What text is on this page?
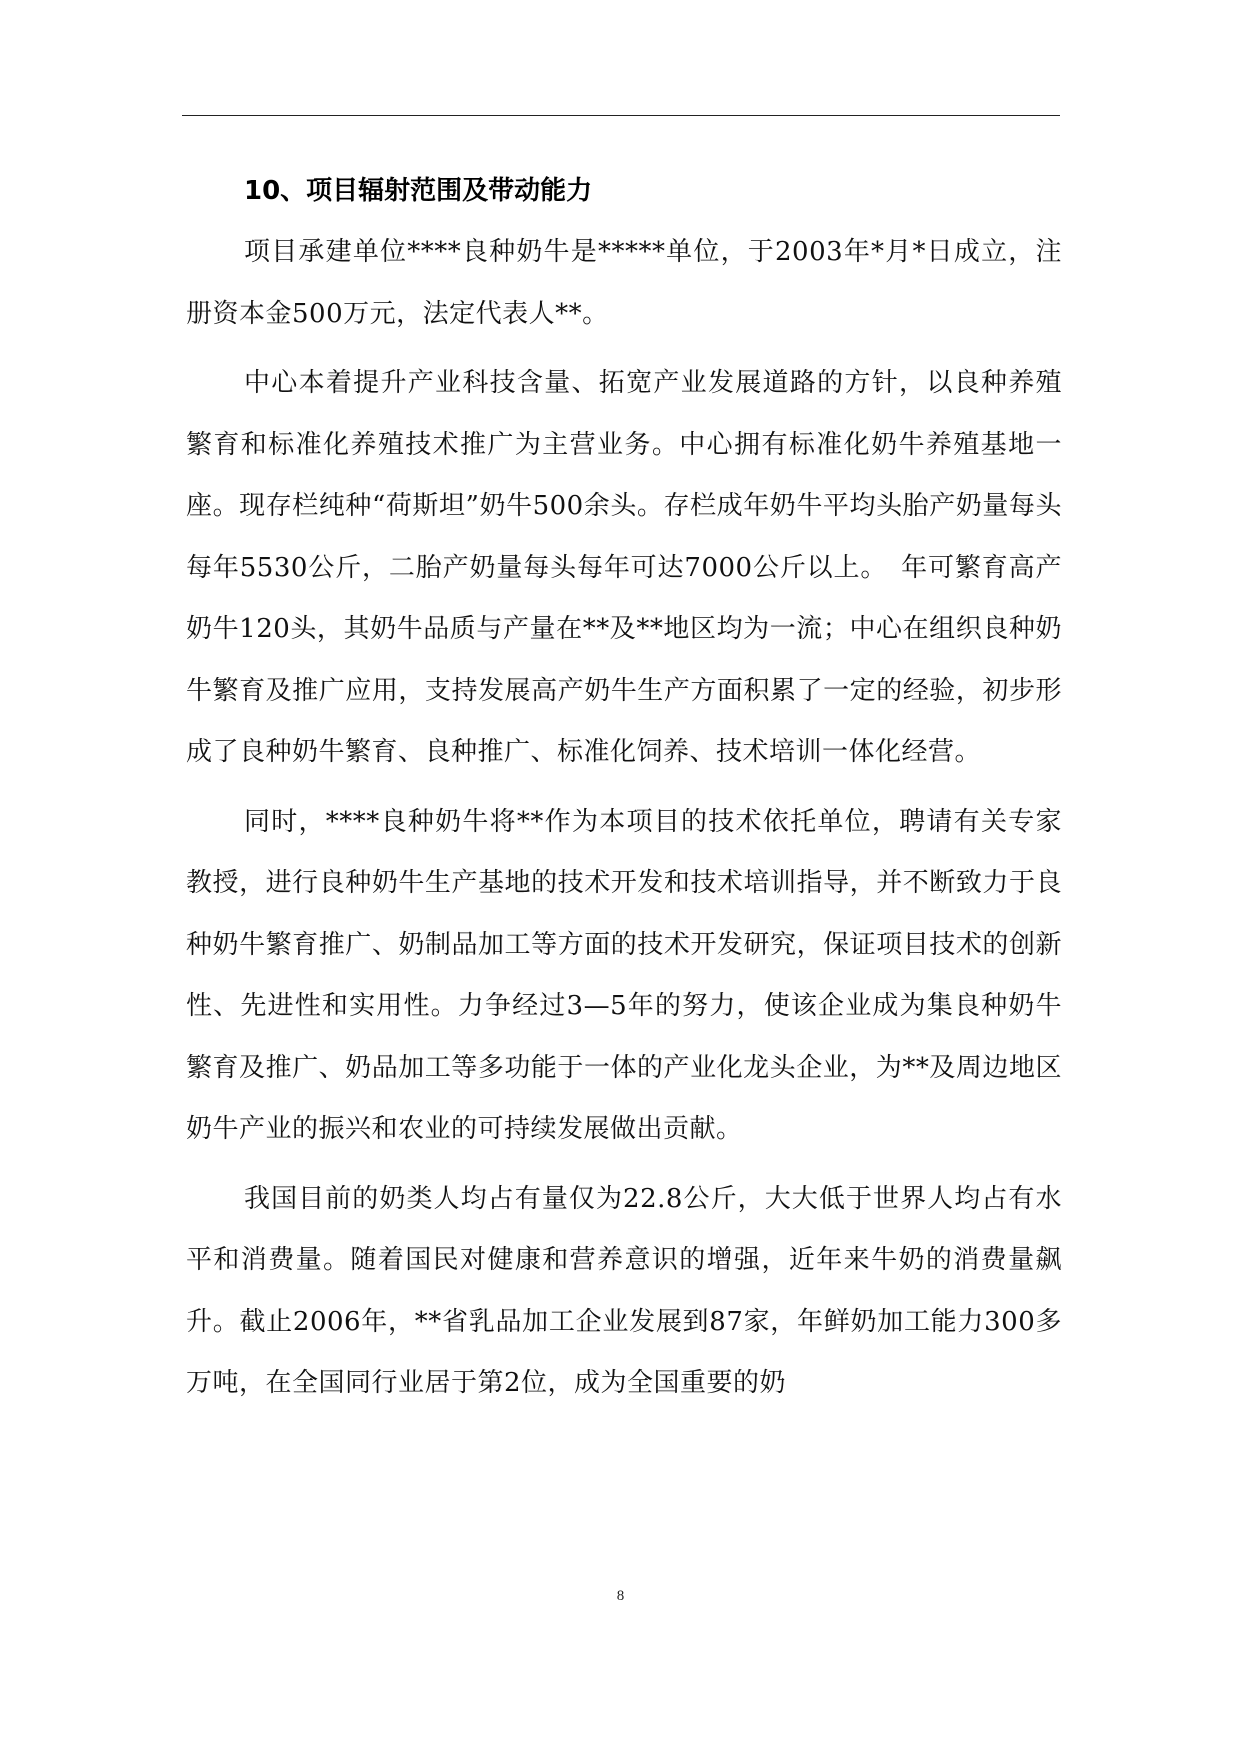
10、项目辐射范围及带动能力

项目承建单位****良种奶牛是*****单位，于2003年*月*日成立，注册资本金500万元，法定代表人**。

中心本着提升产业科技含量、拓宽产业发展道路的方针，以良种养殖繁育和标准化养殖技术推广为主营业务。中心拥有标准化奶牛养殖基地一座。现存栏纯种“荷斯坦”奶牛500余头。存栏成年奶牛平均头胎产奶量每头每年5530公斤，二胎产奶量每头每年可达7000公斤以上。　年可繁育高产奶牛120头，其奶牛品质与产量在**及**地区均为一流；中心在组织良种奶牛繁育及推广应用，支持发展高产奶牛生产方面积累了一定的经验，初步形成了良种奶牛繁育、良种推广、标准化饲养、技术培训一体化经营。

同时，****良种奶牛将**作为本项目的技术依托单位，聘请有关专家教授，进行良种奶牛生产基地的技术开发和技术培训指导，并不断致力于良种奶牛繁育推广、奶制品加工等方面的技术开发研究，保证项目技术的创新性、先进性和实用性。力争经过3—5年的努力，使该企业成为集良种奶牛繁育及推广、奶品加工等多功能于一体的产业化龙头企业，为**及周边地区奶牛产业的振兴和农业的可持续发展做出贡献。

我国目前的奶类人均占有量仅为22.8公斤，大大低于世界人均占有水平和消费量。随着国民对健康和营养意识的增强，近年来牛奶的消费量飙升。截止2006年，**省乳品加工企业发展到87家，年鲜奶加工能力300多万吨，在全国同行业居于第2位，成为全国重要的奶

8
